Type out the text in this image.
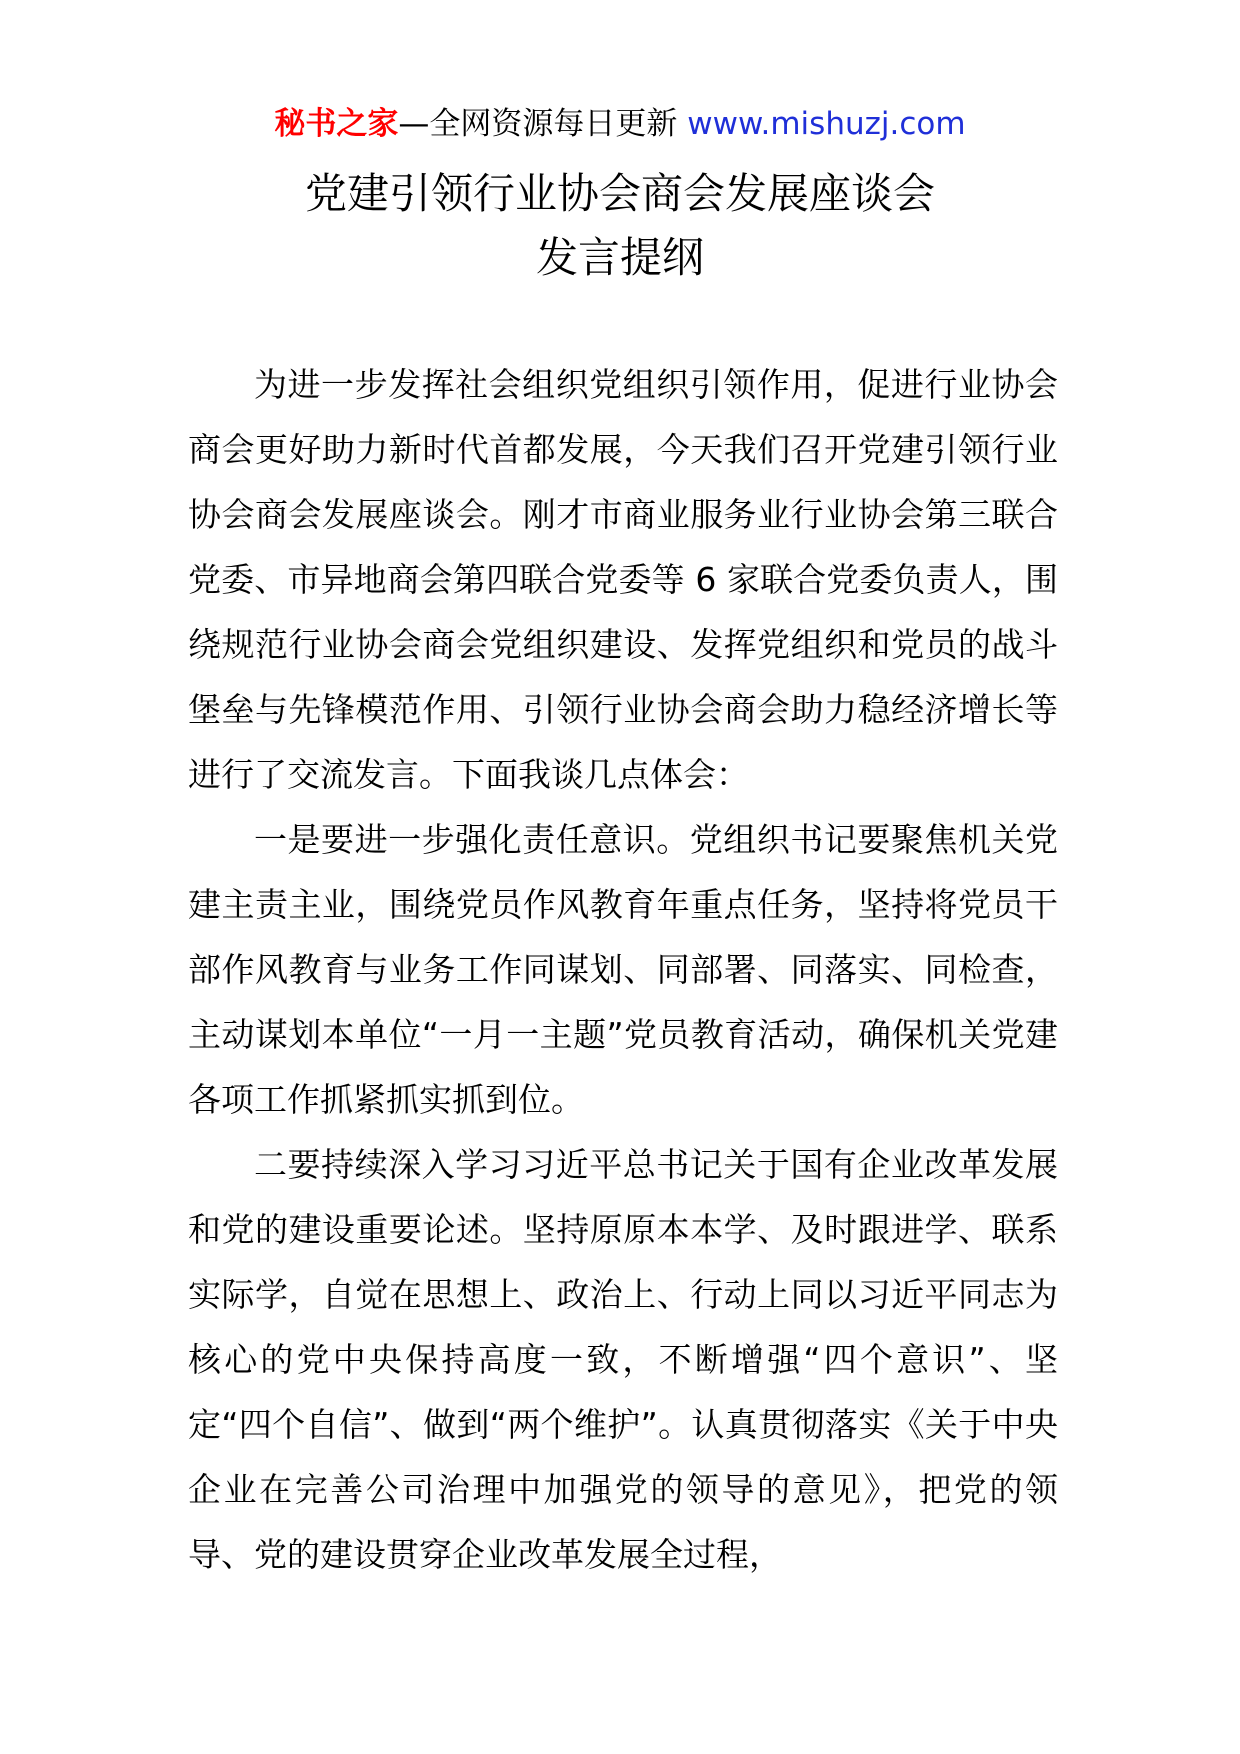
秘书之家—全网资源每日更新 www.mishuzj.com
党建引领行业协会商会发展座谈会
发言提纲

为进一步发挥社会组织党组织引领作用，促进行业协会商会更好助力新时代首都发展，今天我们召开党建引领行业协会商会发展座谈会。刚才市商业服务业行业协会第三联合党委、市异地商会第四联合党委等 6 家联合党委负责人，围绕规范行业协会商会党组织建设、发挥党组织和党员的战斗堡垒与先锋模范作用、引领行业协会商会助力稳经济增长等进行了交流发言。下面我谈几点体会：

一是要进一步强化责任意识。党组织书记要聚焦机关党建主责主业，围绕党员作风教育年重点任务，坚持将党员干部作风教育与业务工作同谋划、同部署、同落实、同检查，主动谋划本单位“一月一主题”党员教育活动，确保机关党建各项工作抓紧抓实抓到位。

二要持续深入学习习近平总书记关于国有企业改革发展和党的建设重要论述。坚持原原本本学、及时跟进学、联系实际学，自觉在思想上、政治上、行动上同以习近平同志为核心的党中央保持高度一致，不断增强“四个意识”、坚定“四个自信”、做到“两个维护”。认真贯彻落实《关于中央企业在完善公司治理中加强党的领导的意见》，把党的领导、党的建设贯穿企业改革发展全过程，
